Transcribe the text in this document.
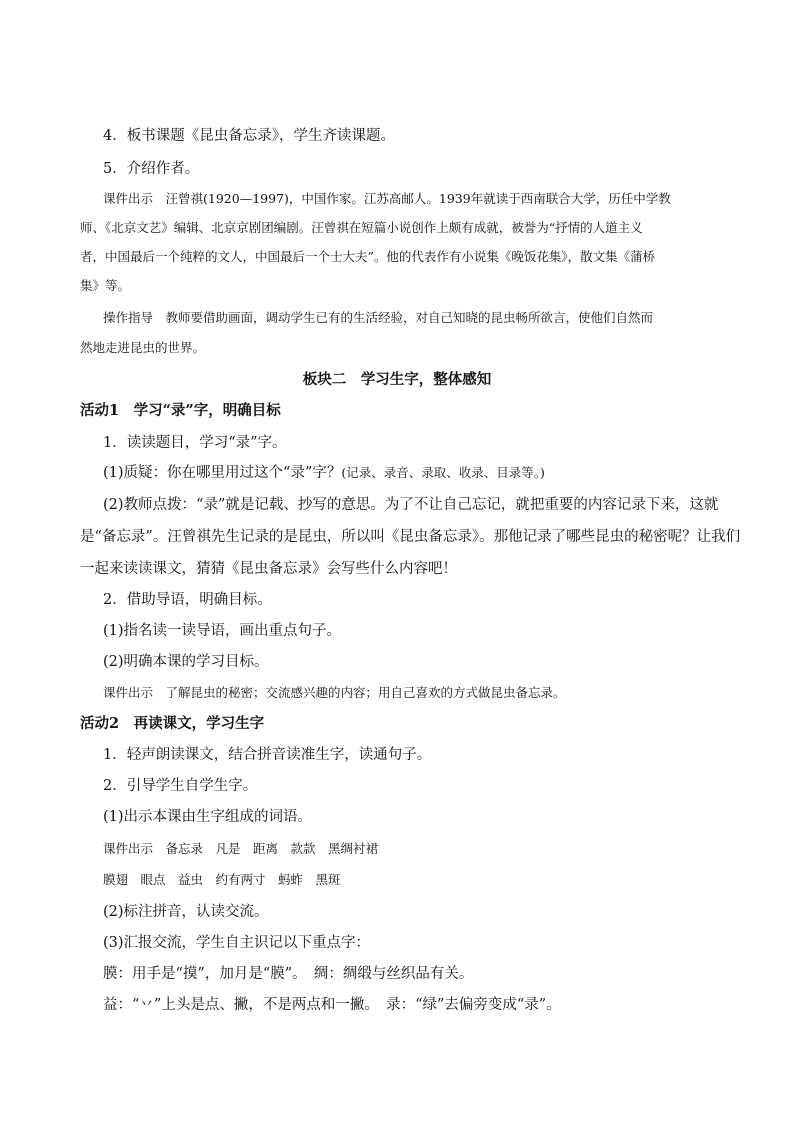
4．板书课题《昆虫备忘录》，学生齐读课题。
5．介绍作者。
课件出示　汪曾祺(1920—1997)，中国作家。江苏高邮人。1939年就读于西南联合大学，历任中学教
师、《北京文艺》编辑、北京京剧团编剧。汪曾祺在短篇小说创作上颇有成就，被誉为“抒情的人道主义
者，中国最后一个纯粹的文人，中国最后一个士大夫”。他的代表作有小说集《晚饭花集》，散文集《蒲桥
集》等。
操作指导　教师要借助画面，调动学生已有的生活经验，对自己知晓的昆虫畅所欲言，使他们自然而
然地走进昆虫的世界。
板块二　学习生字，整体感知
活动1　学习“录”字，明确目标
1．读读题目，学习“录”字。
(1)质疑：你在哪里用过这个“录”字？(记录、录音、录取、收录、目录等。)
(2)教师点拨：“录”就是记载、抄写的意思。为了不让自己忘记，就把重要的内容记录下来，这就
是“备忘录”。汪曾祺先生记录的是昆虫，所以叫《昆虫备忘录》。那他记录了哪些昆虫的秘密呢？让我们
一起来读读课文，猜猜《昆虫备忘录》会写些什么内容吧！
2．借助导语，明确目标。
(1)指名读一读导语，画出重点句子。
(2)明确本课的学习目标。
课件出示　了解昆虫的秘密；交流感兴趣的内容；用自己喜欢的方式做昆虫备忘录。
活动2　再读课文，学习生字
1．轻声朗读课文，结合拼音读准生字，读通句子。
2．引导学生自学生字。
(1)出示本课由生字组成的词语。
课件出示　备忘录　凡是　距离　款款　黑绸衬裙
膜翅　眼点　益虫　约有两寸　蚂蚱　黑斑
(2)标注拼音，认读交流。
(3)汇报交流，学生自主识记以下重点字：
膜：用手是“摸”，加月是“膜”。　绸：绸缎与丝织品有关。
益：“丷”上头是点、撇，不是两点和一撇。　录：“绿”去偏旁变成“录”。
